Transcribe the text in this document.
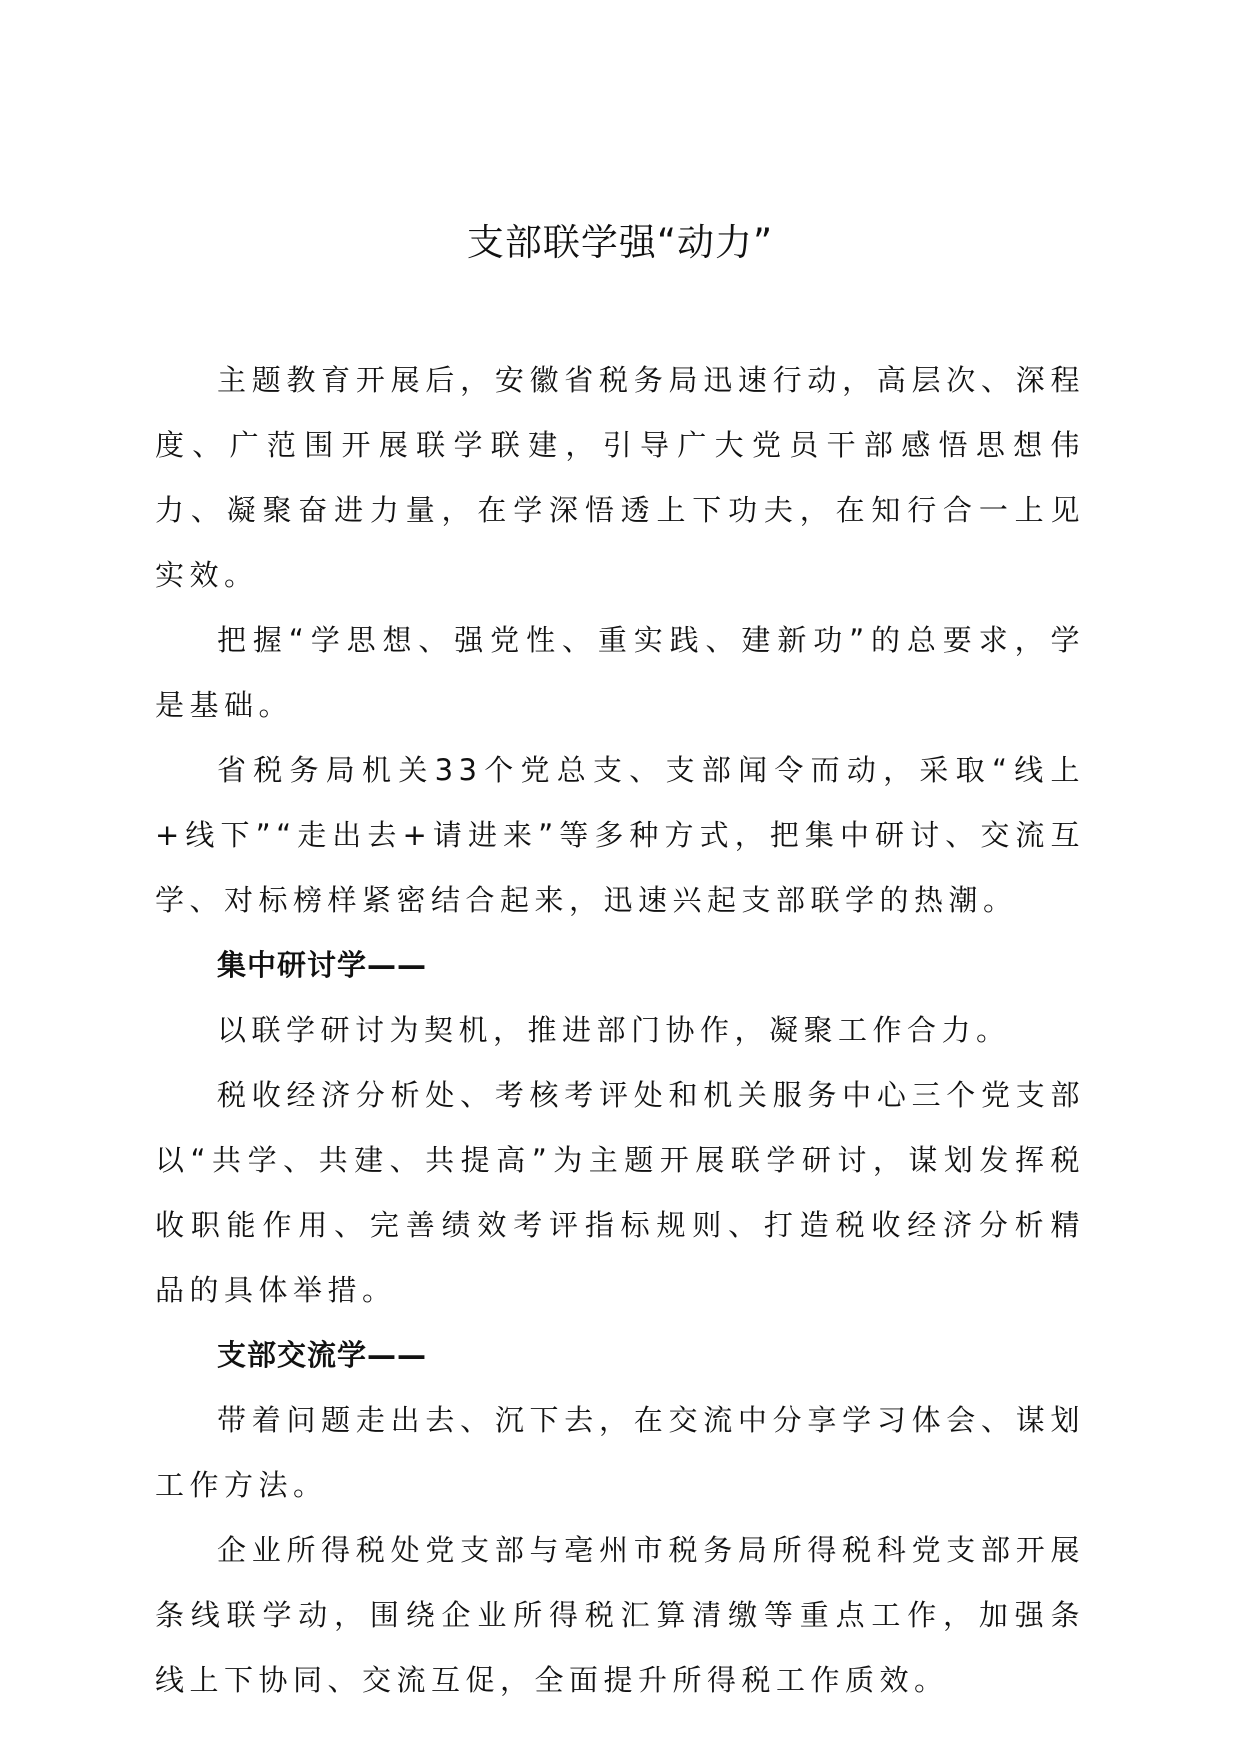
支部联学强“动力”

主题教育开展后，安徽省税务局迅速行动，高层次、深程度、广范围开展联学联建，引导广大党员干部感悟思想伟力、凝聚奋进力量，在学深悟透上下功夫，在知行合一上见实效。

把握“学思想、强党性、重实践、建新功”的总要求，学是基础。

省税务局机关33个党总支、支部闻令而动，采取“线上+线下”“走出去+请进来”等多种方式，把集中研讨、交流互学、对标榜样紧密结合起来，迅速兴起支部联学的热潮。

集中研讨学——

以联学研讨为契机，推进部门协作，凝聚工作合力。

税收经济分析处、考核考评处和机关服务中心三个党支部以“共学、共建、共提高”为主题开展联学研讨，谋划发挥税收职能作用、完善绩效考评指标规则、打造税收经济分析精品的具体举措。

支部交流学——

带着问题走出去、沉下去，在交流中分享学习体会、谋划工作方法。

企业所得税处党支部与亳州市税务局所得税科党支部开展条线联学动，围绕企业所得税汇算清缴等重点工作，加强条线上下协同、交流互促，全面提升所得税工作质效。
